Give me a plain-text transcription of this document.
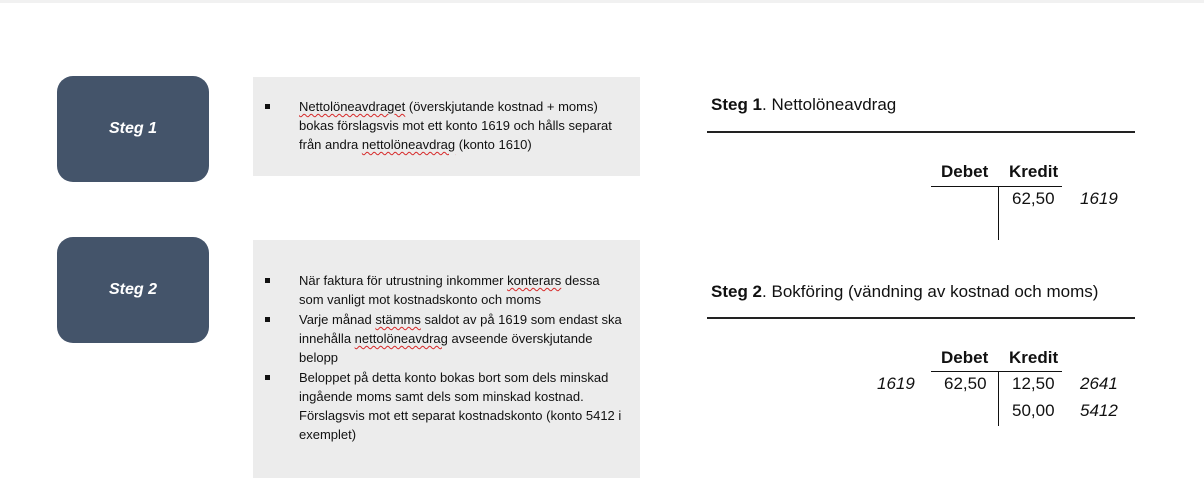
Steg 1
Steg 2
Nettolöneavdraget (överskjutande kostnad + moms) bokas förslagsvis mot ett konto 1619 och hålls separat från andra nettolöneavdrag (konto 1610)
När faktura för utrustning inkommer konterars dessa som vanligt mot kostnadskonto och moms
Varje månad stämms saldot av på 1619 som endast ska innehålla nettolöneavdrag avseende överskjutande belopp
Beloppet på detta konto bokas bort som dels minskad ingående moms samt dels som minskad kostnad. Förslagsvis mot ett separat kostnadskonto (konto 5412 i exemplet)
Steg 1. Nettolöneavdrag
Debet Kredit
62,50 1619
Steg 2. Bokföring (vändning av kostnad och moms)
Debet Kredit
1619 62,50 12,50 2641
50,00 5412
